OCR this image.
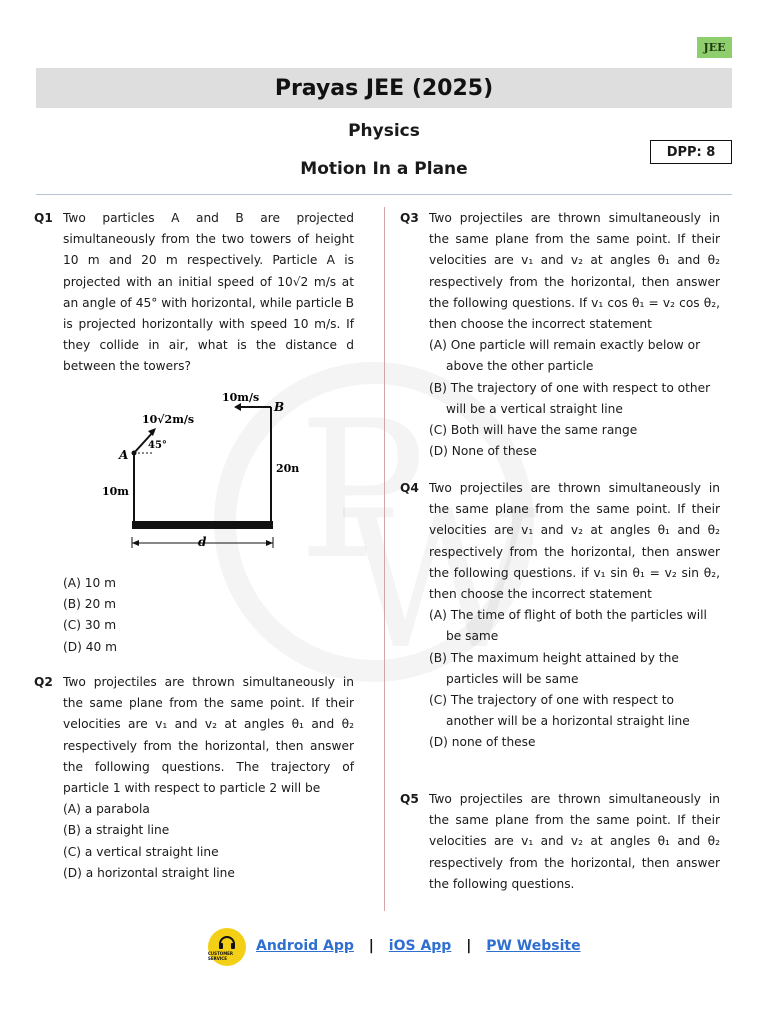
JEE
Prayas JEE (2025)
Physics
Motion In a Plane
DPP: 8
Q1 Two particles A and B are projected simultaneously from the two towers of height 10 m and 20 m respectively. Particle A is projected with an initial speed of 10√2 m/s at an angle of 45° with horizontal, while particle B is projected horizontally with speed 10 m/s. If they collide in air, what is the distance d between the towers?
10m/s
B
10√2m/s
45°
A
10m
20n
d
(A) 10 m
(B) 20 m
(C) 30 m
(D) 40 m
Q2 Two projectiles are thrown simultaneously in the same plane from the same point. If their velocities are v₁ and v₂ at angles θ₁ and θ₂ respectively from the horizontal, then answer the following questions. The trajectory of particle 1 with respect to particle 2 will be
(A) a parabola
(B) a straight line
(C) a vertical straight line
(D) a horizontal straight line
Q3 Two projectiles are thrown simultaneously in the same plane from the same point. If their velocities are v₁ and v₂ at angles θ₁ and θ₂ respectively from the horizontal, then answer the following questions. If v₁ cos θ₁ = v₂ cos θ₂, then choose the incorrect statement
(A) One particle will remain exactly below or above the other particle
(B) The trajectory of one with respect to other will be a vertical straight line
(C) Both will have the same range
(D) None of these
Q4 Two projectiles are thrown simultaneously in the same plane from the same point. If their velocities are v₁ and v₂ at angles θ₁ and θ₂ respectively from the horizontal, then answer the following questions. if v₁ sin θ₁ = v₂ sin θ₂, then choose the incorrect statement
(A) The time of flight of both the particles will be same
(B) The maximum height attained by the particles will be same
(C) The trajectory of one with respect to another will be a horizontal straight line
(D) none of these
Q5 Two projectiles are thrown simultaneously in the same plane from the same point. If their velocities are v₁ and v₂ at angles θ₁ and θ₂ respectively from the horizontal, then answer the following questions.
CUSTOMER SERVICE
Android App | iOS App | PW Website
